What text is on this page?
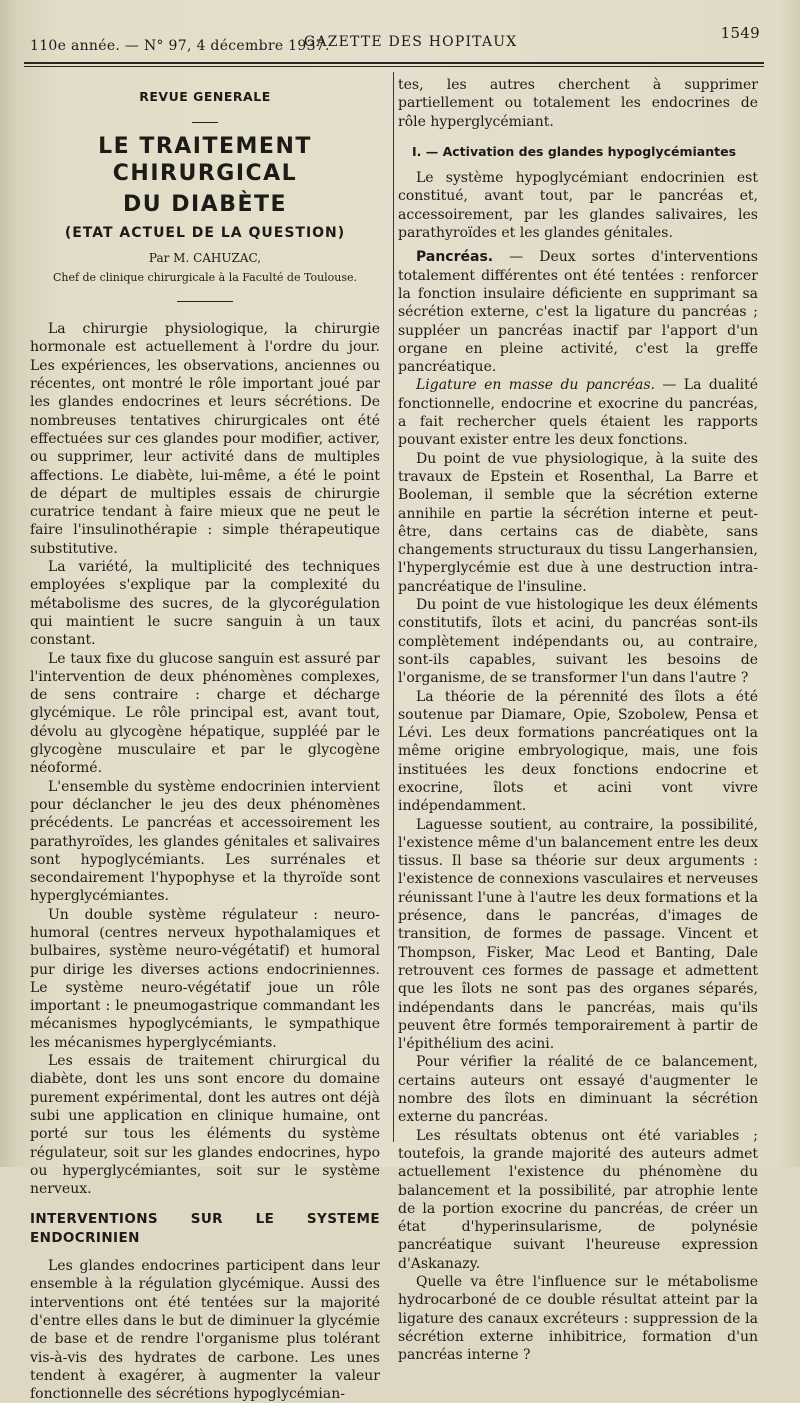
110e année. — N° 97, 4 décembre 1937.
GAZETTE DES HOPITAUX	1549
REVUE GENERALE
LE TRAITEMENT CHIRURGICAL
DU DIABÈTE
(ETAT ACTUEL DE LA QUESTION)
Par M. CAHUZAC,
Chef de clinique chirurgicale à la Faculté de Toulouse.

La chirurgie physiologique, la chirurgie hormonale est actuellement à l'ordre du jour. Les expériences, les observations, anciennes ou récentes, ont montré le rôle important joué par les glandes endocrines et leurs sécrétions. De nombreuses tentatives chirurgicales ont été effectuées sur ces glandes pour modifier, activer, ou supprimer, leur activité dans de multiples affections. Le diabète, lui-même, a été le point de départ de multiples essais de chirurgie curatrice tendant à faire mieux que ne peut le faire l'insulinothérapie : simple thérapeutique substitutive.

La variété, la multiplicité des techniques employées s'explique par la complexité du métabolisme des sucres, de la glycorégulation qui maintient le sucre sanguin à un taux constant.

Le taux fixe du glucose sanguin est assuré par l'intervention de deux phénomènes complexes, de sens contraire : charge et décharge glycémique. Le rôle principal est, avant tout, dévolu au glycogène hépatique, suppléé par le glycogène musculaire et par le glycogène néoformé.

L'ensemble du système endocrinien intervient pour déclancher le jeu des deux phénomènes précédents. Le pancréas et accessoirement les parathyroïdes, les glandes génitales et salivaires sont hypoglycémiants. Les surrénales et secondairement l'hypophyse et la thyroïde sont hyperglycémiantes.

Un double système régulateur : neuro-humoral (centres nerveux hypothalamiques et bulbaires, système neuro-végétatif) et humoral pur dirige les diverses actions endocriniennes. Le système neuro-végétatif joue un rôle important : le pneumogastrique commandant les mécanismes hypoglycémiants, le sympathique les mécanismes hyperglycémiants.

Les essais de traitement chirurgical du diabète, dont les uns sont encore du domaine purement expérimental, dont les autres ont déjà subi une application en clinique humaine, ont porté sur tous les éléments du système régulateur, soit sur les glandes endocrines, hypo ou hyperglycémiantes, soit sur le système nerveux.

INTERVENTIONS SUR LE SYSTEME ENDOCRINIEN

Les glandes endocrines participent dans leur ensemble à la régulation glycémique. Aussi des interventions ont été tentées sur la majorité d'entre elles dans le but de diminuer la glycémie de base et de rendre l'organisme plus tolérant vis-à-vis des hydrates de carbone. Les unes tendent à exagérer, à augmenter la valeur fonctionnelle des sécrétions hypoglycémian-

tes, les autres cherchent à supprimer partiellement ou totalement les endocrines de rôle hyperglycémiant.

I. — Activation des glandes hypoglycémiantes

Le système hypoglycémiant endocrinien est constitué, avant tout, par le pancréas et, accessoirement, par les glandes salivaires, les parathyroïdes et les glandes génitales.

Pancréas. — Deux sortes d'interventions totalement différentes ont été tentées : renforcer la fonction insulaire déficiente en supprimant sa sécrétion externe, c'est la ligature du pancréas ; suppléer un pancréas inactif par l'apport d'un organe en pleine activité, c'est la greffe pancréatique.

Ligature en masse du pancréas. — La dualité fonctionnelle, endocrine et exocrine du pancréas, a fait rechercher quels étaient les rapports pouvant exister entre les deux fonctions.

Du point de vue physiologique, à la suite des travaux de Epstein et Rosenthal, La Barre et Booleman, il semble que la sécrétion externe annihile en partie la sécrétion interne et peut-être, dans certains cas de diabète, sans changements structuraux du tissu Langerhansien, l'hyperglycémie est due à une destruction intra-pancréatique de l'insuline.

Du point de vue histologique les deux éléments constitutifs, îlots et acini, du pancréas sont-ils complètement indépendants ou, au contraire, sont-ils capables, suivant les besoins de l'organisme, de se transformer l'un dans l'autre ?

La théorie de la pérennité des îlots a été soutenue par Diamare, Opie, Szobolew, Pensa et Lévi. Les deux formations pancréatiques ont la même origine embryologique, mais, une fois instituées les deux fonctions endocrine et exocrine, îlots et acini vont vivre indépendamment.

Laguesse soutient, au contraire, la possibilité, l'existence même d'un balancement entre les deux tissus. Il base sa théorie sur deux arguments : l'existence de connexions vasculaires et nerveuses réunissant l'une à l'autre les deux formations et la présence, dans le pancréas, d'images de transition, de formes de passage. Vincent et Thompson, Fisker, Mac Leod et Banting, Dale retrouvent ces formes de passage et admettent que les îlots ne sont pas des organes séparés, indépendants dans le pancréas, mais qu'ils peuvent être formés temporairement à partir de l'épithélium des acini.

Pour vérifier la réalité de ce balancement, certains auteurs ont essayé d'augmenter le nombre des îlots en diminuant la sécrétion externe du pancréas.

Les résultats obtenus ont été variables ; toutefois, la grande majorité des auteurs admet actuellement l'existence du phénomène du balancement et la possibilité, par atrophie lente de la portion exocrine du pancréas, de créer un état d'hyperinsularisme, de polynésie pancréatique suivant l'heureuse expression d'Askanazy.

Quelle va être l'influence sur le métabolisme hydrocarboné de ce double résultat atteint par la ligature des canaux excréteurs : suppression de la sécrétion externe inhibitrice, formation d'un pancréas interne ?
